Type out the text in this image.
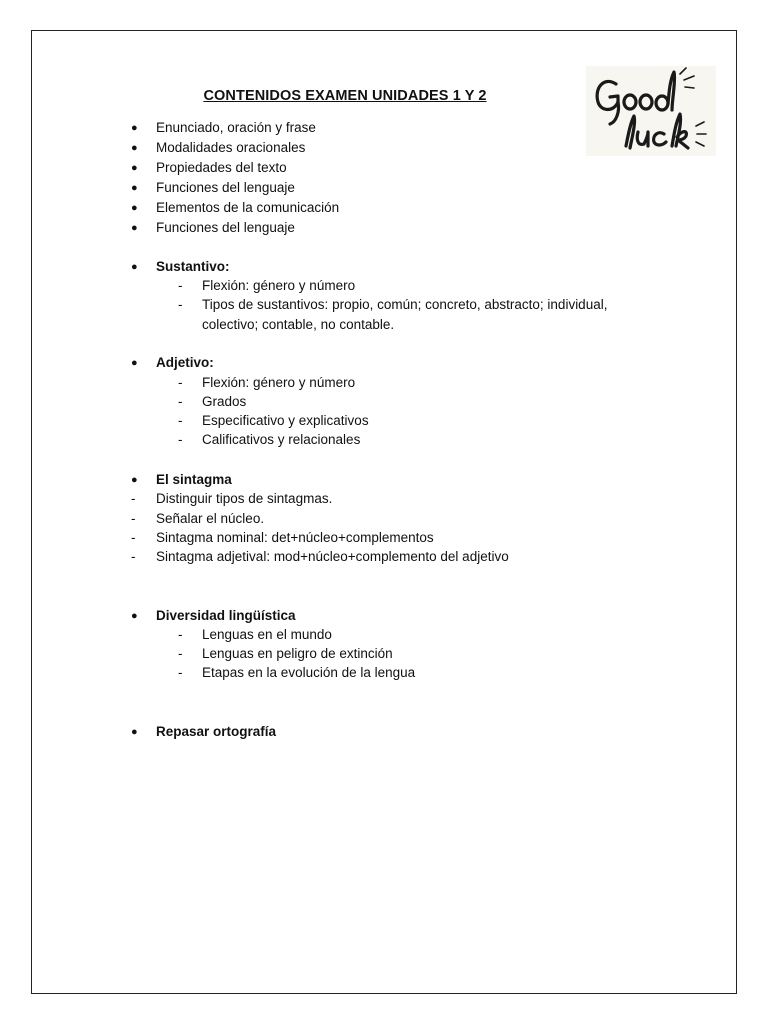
CONTENIDOS EXAMEN UNIDADES 1 Y 2
● Enunciado, oración y frase
● Modalidades oracionales
● Propiedades del texto
● Funciones del lenguaje
● Elementos de la comunicación
● Funciones del lenguaje
● Sustantivo:
- Flexión: género y número
- Tipos de sustantivos: propio, común; concreto, abstracto; individual,
colectivo; contable, no contable.
● Adjetivo:
- Flexión: género y número
- Grados
- Especificativo y explicativos
- Calificativos y relacionales
● El sintagma
- Distinguir tipos de sintagmas.
- Señalar el núcleo.
- Sintagma nominal: det+núcleo+complementos
- Sintagma adjetival: mod+núcleo+complemento del adjetivo
● Diversidad lingüística
- Lenguas en el mundo
- Lenguas en peligro de extinción
- Etapas en la evolución de la lengua
● Repasar ortografía
